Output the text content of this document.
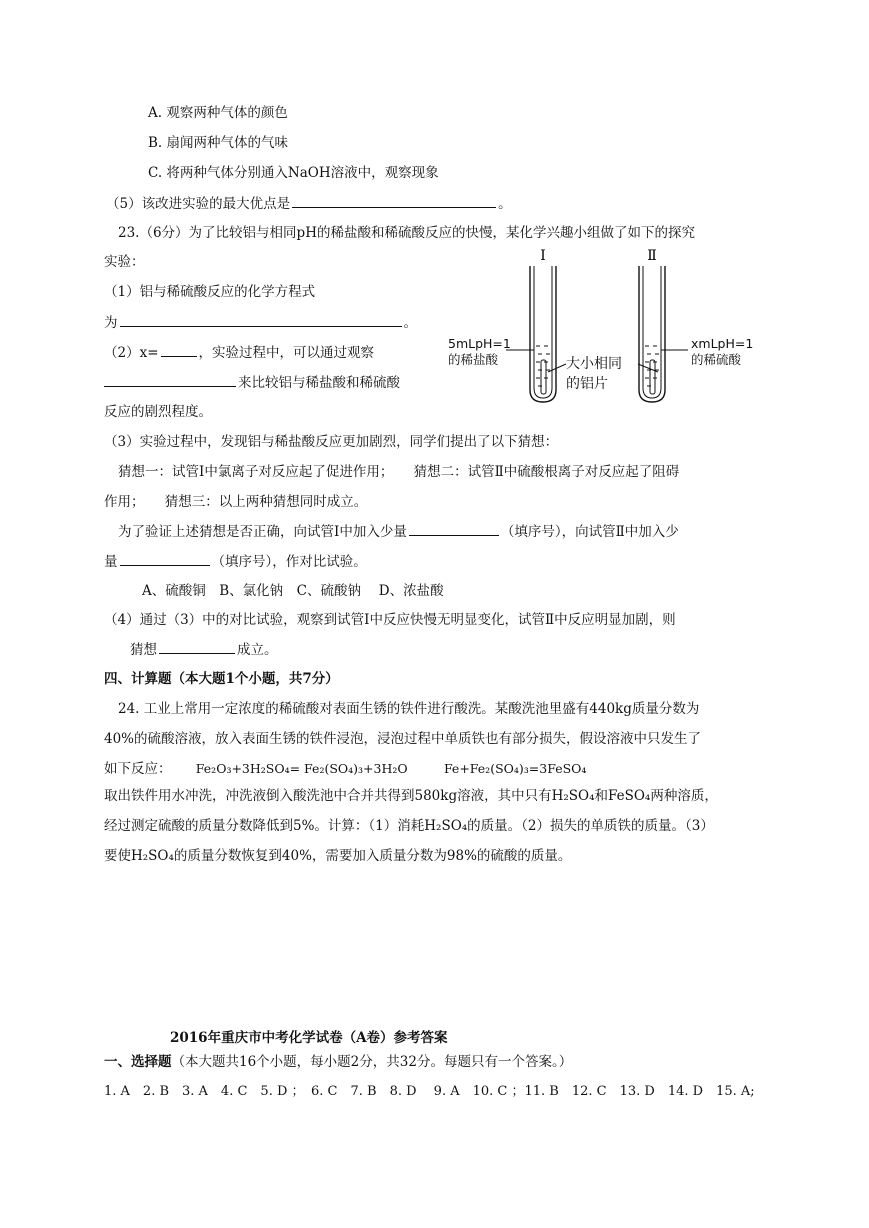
A. 观察两种气体的颜色
B. 扇闻两种气体的气味
C. 将两种气体分别通入NaOH溶液中，观察现象
（5）该改进实验的最大优点是	。
23.（6分）为了比较铝与相同pH的稀盐酸和稀硫酸反应的快慢，某化学兴趣小组做了如下的探究
实验：
（1）铝与稀硫酸反应的化学方程式
为	。
（2）x=	，实验过程中，可以通过观察
来比较铝与稀盐酸和稀硫酸
反应的剧烈程度。
I	Ⅱ
5mLpH=1
的稀盐酸	大小相同
的铝片
xmLpH=1
的稀硫酸
（3）实验过程中，发现铝与稀盐酸反应更加剧烈，同学们提出了以下猜想：
猜想一：试管Ⅰ中氯离子对反应起了促进作用；　　猜想二：试管Ⅱ中硫酸根离子对反应起了阻碍
作用；　　猜想三：以上两种猜想同时成立。
为了验证上述猜想是否正确，向试管Ⅰ中加入少量	（填序号），向试管Ⅱ中加入少
量	（填序号），作对比试验。
A、硫酸铜　B、氯化钠　C、硫酸钠　 D、浓盐酸
（4）通过（3）中的对比试验，观察到试管Ⅰ中反应快慢无明显变化，试管Ⅱ中反应明显加剧，则
猜想	成立。
四、计算题（本大题1个小题，共7分）
24. 工业上常用一定浓度的稀硫酸对表面生锈的铁件进行酸洗。某酸洗池里盛有440kg质量分数为
40%的硫酸溶液，放入表面生锈的铁件浸泡，浸泡过程中单质铁也有部分损失，假设溶液中只发生了
如下反应： Fe₂O₃+3H₂SO₄= Fe₂(SO₄)₃+3H₂O	Fe+Fe₂(SO₄)₃=3FeSO₄
取出铁件用水冲洗，冲洗液倒入酸洗池中合并共得到580kg溶液，其中只有H₂SO₄和FeSO₄两种溶质，
经过测定硫酸的质量分数降低到5%。计算：（1）消耗H₂SO₄的质量。（2）损失的单质铁的质量。（3）
要使H₂SO₄的质量分数恢复到40%，需要加入质量分数为98%的硫酸的质量。
2016年重庆市中考化学试卷（A卷）参考答案
一、选择题（本大题共16个小题，每小题2分，共32分。每题只有一个答案。）
1. A　2. B　3. A　4. C　5. D ；　6. C　7. B　8. D　 9. A　10. C ；11. B　12. C　13. D　14. D　15. A;
